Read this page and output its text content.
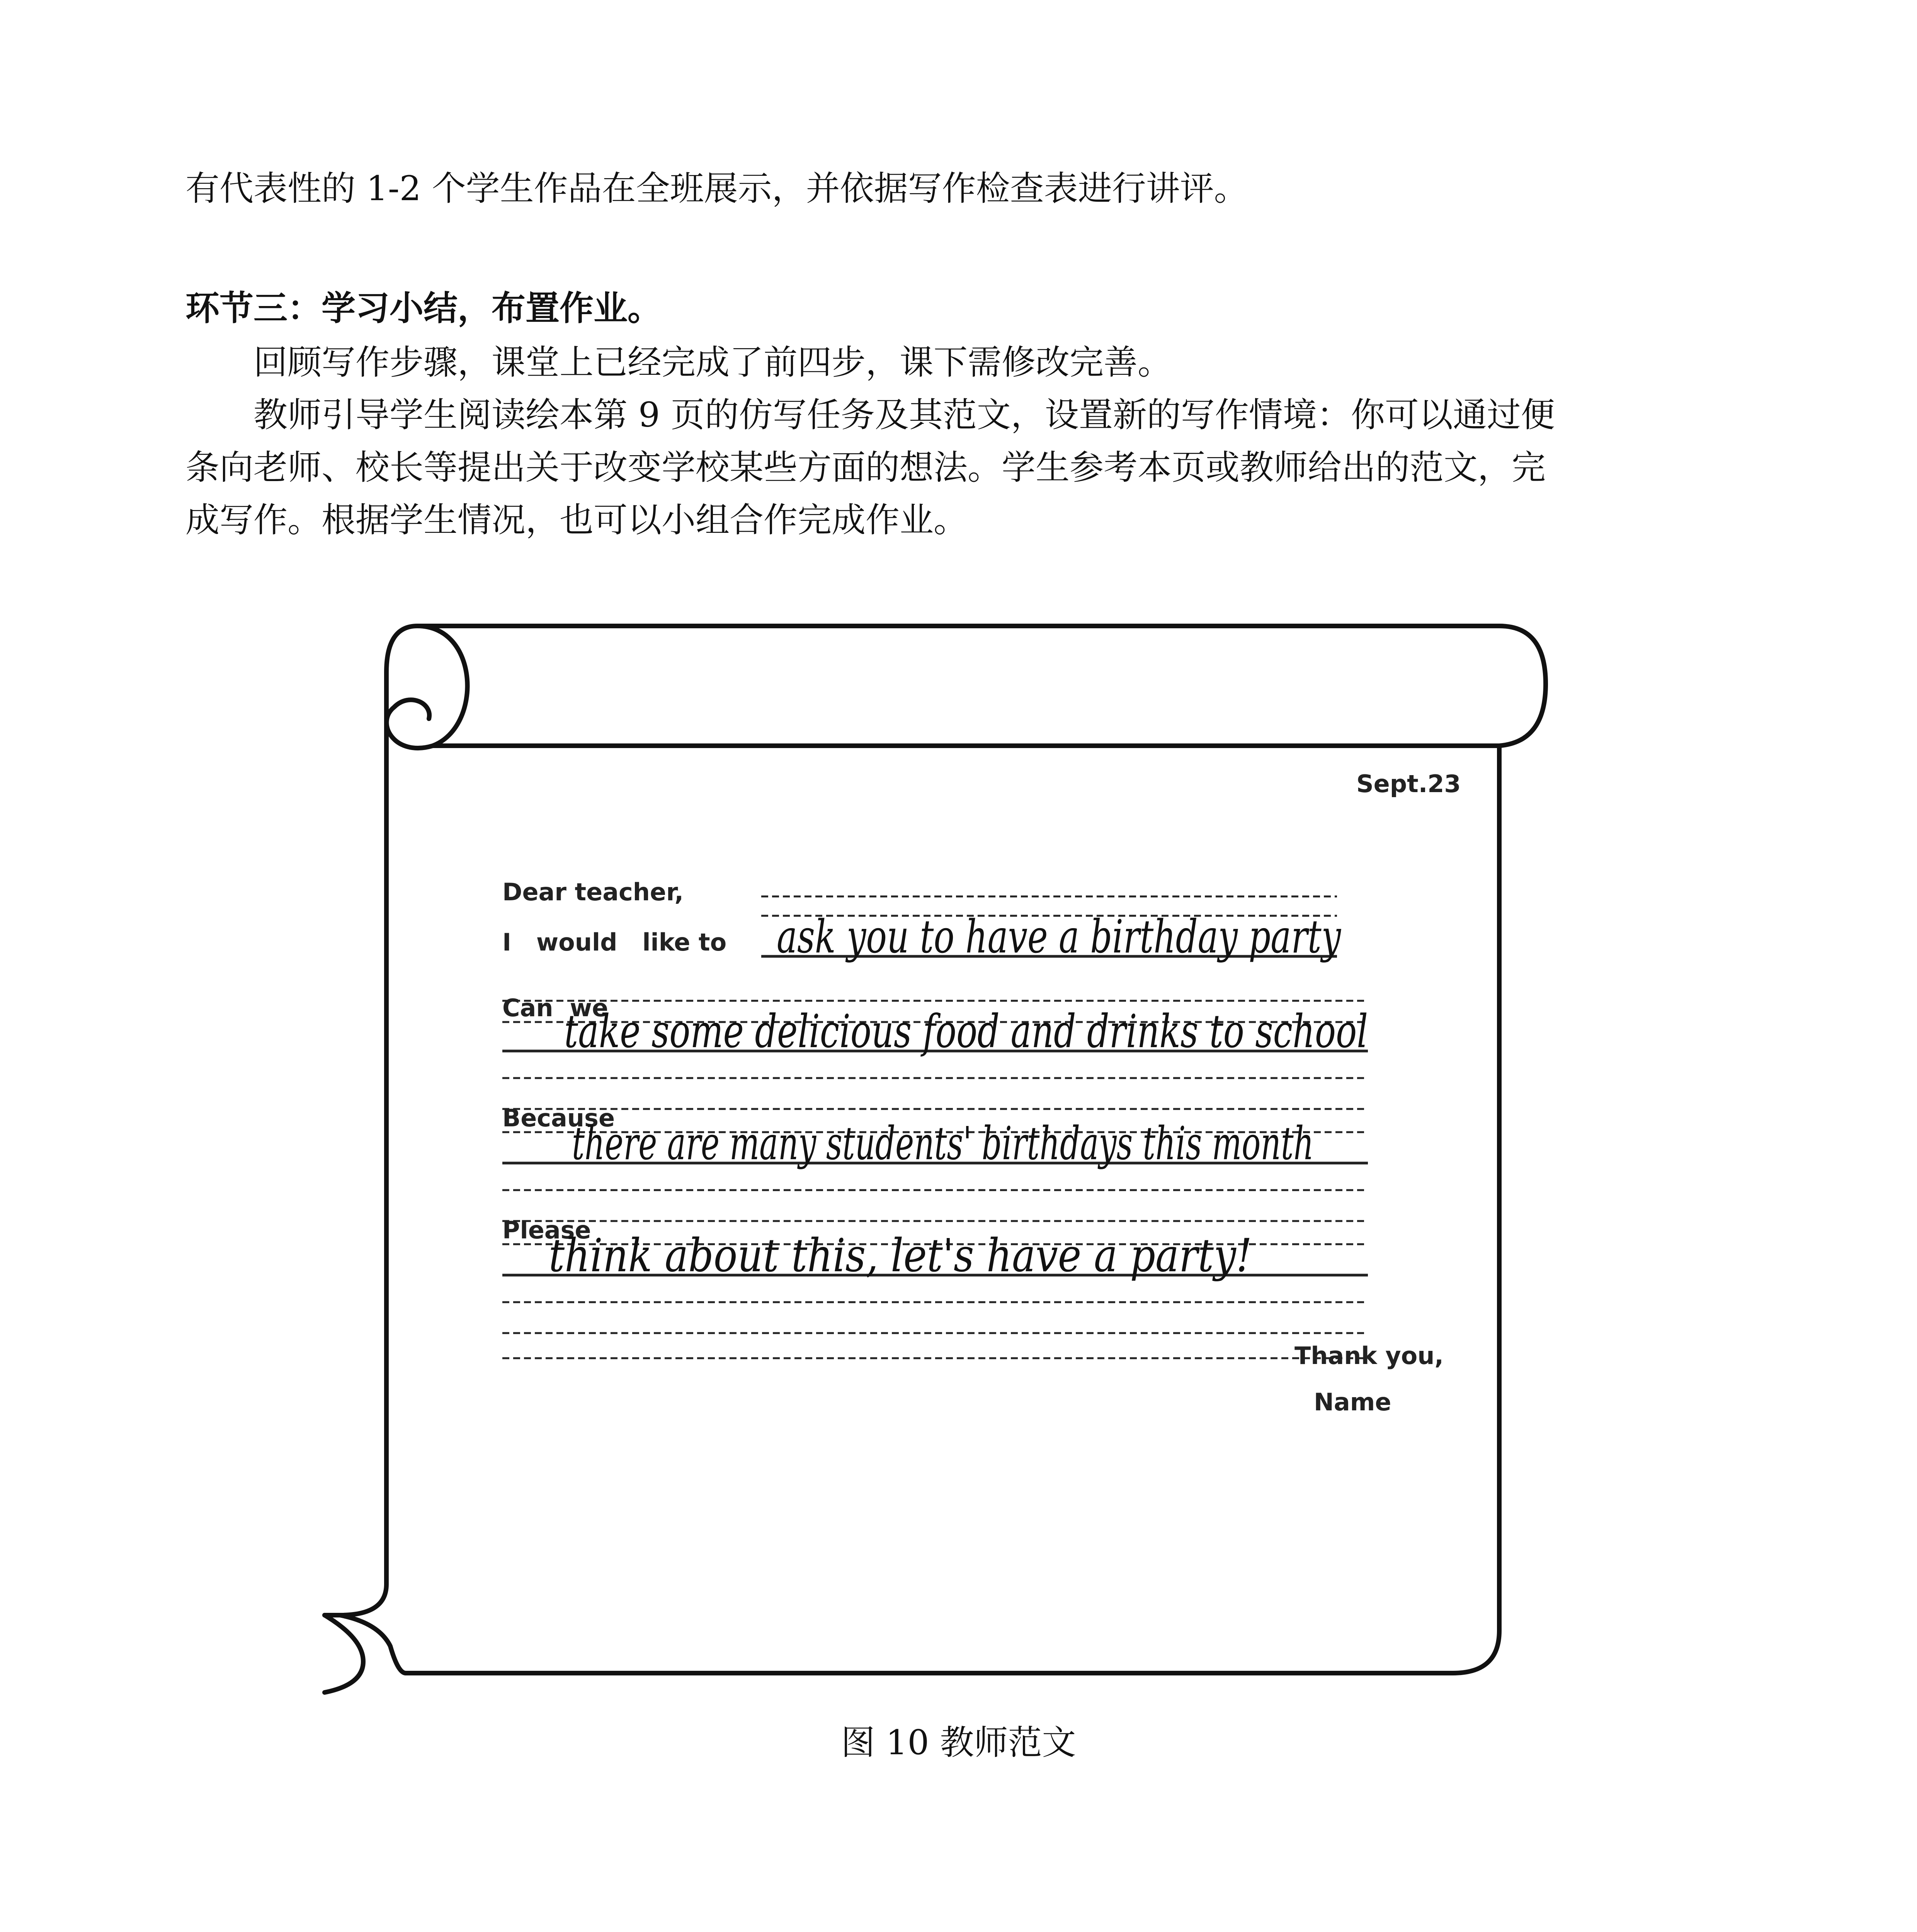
有代表性的 1-2 个学生作品在全班展示，并依据写作检查表进行讲评。
环节三：学习小结，布置作业。
回顾写作步骤，课堂上已经完成了前四步，课下需修改完善。
教师引导学生阅读绘本第 9 页的仿写任务及其范文，设置新的写作情境：你可以通过便
条向老师、校长等提出关于改变学校某些方面的想法。学生参考本页或教师给出的范文，完
成写作。根据学生情况，也可以小组合作完成作业。
Sept.23
Dear teacher,
I   would   like to
Can  we
Because
Please
Thank you,
Name
ask you to have a birthday party
take some delicious food and drinks to school
there are many students' birthdays this month
think about this, let's have a party!
图 10 教师范文
